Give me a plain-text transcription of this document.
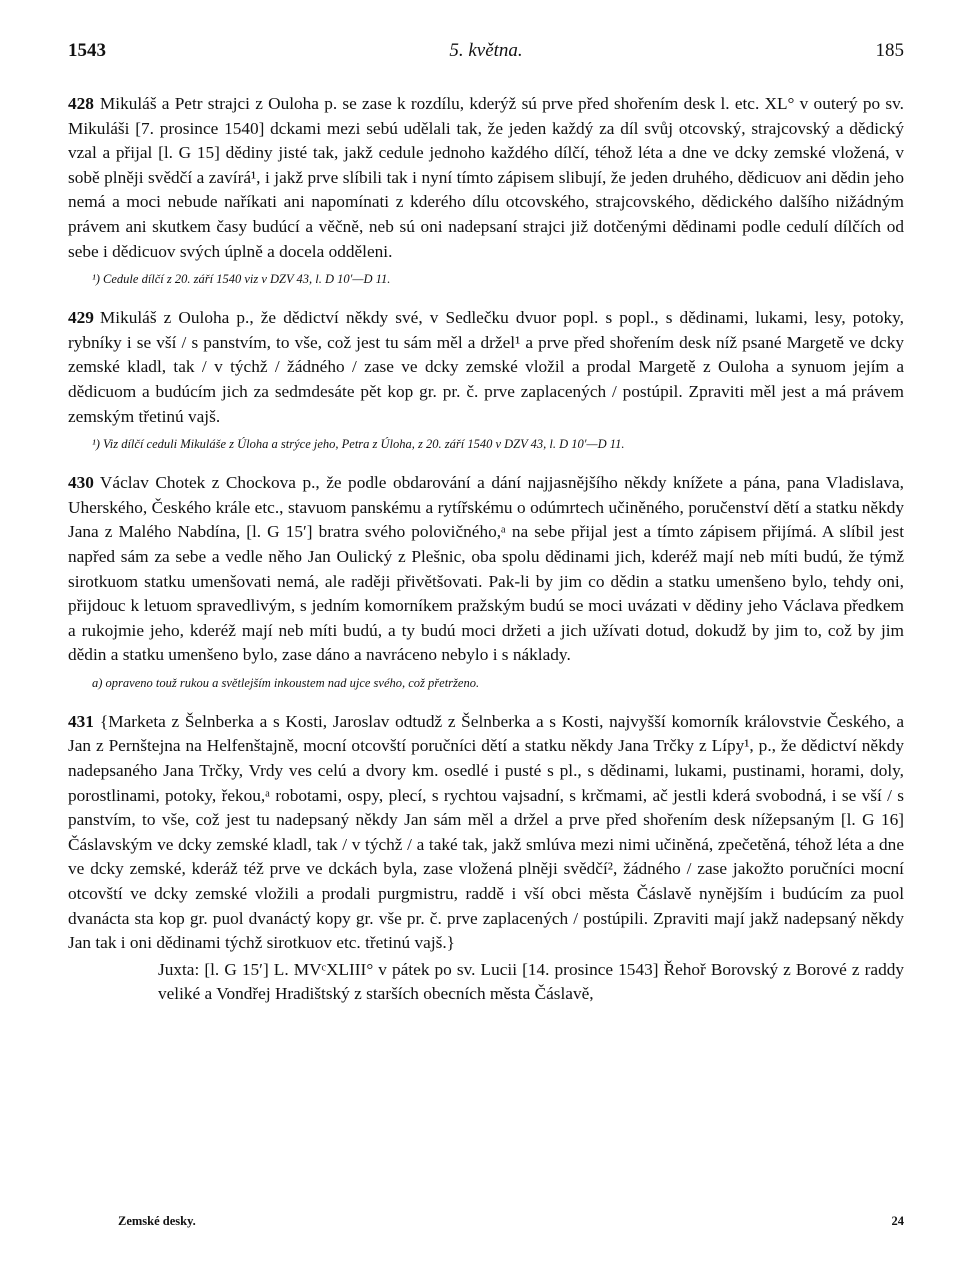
1543	5. května.	185

428 Mikuláš a Petr strajci z Ouloha p. se zase k rozdílu, kderýž sú prve před shořením desk l. etc. XL° v outerý po sv. Mikuláši [7. prosince 1540] dckami mezi sebú udělali tak, že jeden každý za díl svůj otcovský, strajcovský a dědický vzal a přijal [l. G 15] dědiny jisté tak, jakž cedule jednoho každého dílčí, téhož léta a dne ve dcky zemské vložená, v sobě plněji svědčí a zavírá¹, i jakž prve slíbili tak i nyní tímto zápisem slibují, že jeden druhého, dědicuov ani dědin jeho nemá a moci nebude naříkati ani napomínati z kderého dílu otcovského, strajcovského, dědického dalšího nižádným právem ani skutkem časy budúcí a věčně, neb sú oni nadepsaní strajci již dotčenými dědinami podle cedulí dílčích od sebe i dědicuov svých úplně a docela odděleni.

¹) Cedule dílčí z 20. září 1540 viz v DZV 43, l. D 10′—D 11.

429 Mikuláš z Ouloha p., že dědictví někdy své, v Sedlečku dvuor popl. s popl., s dědinami, lukami, lesy, potoky, rybníky i se vší / s panstvím, to vše, což jest tu sám měl a držel¹ a prve před shořením desk níž psané Margetě ve dcky zemské kladl, tak / v týchž / žádného / zase ve dcky zemské vložil a prodal Margetě z Ouloha a synuom jejím a dědicuom a budúcím jich za sedmdesáte pět kop gr. pr. č. prve zaplacených / postúpil. Zpraviti měl jest a má právem zemským třetinú vajš.

¹) Viz dílčí ceduli Mikuláše z Úloha a strýce jeho, Petra z Úloha, z 20. září 1540 v DZV 43, l. D 10′—D 11.

430 Václav Chotek z Chockova p., že podle obdarování a dání najjasnějšího někdy knížete a pána, pana Vladislava, Uherského, Českého krále etc., stavuom panskému a rytířskému o odúmrtech učiněného, poručenství dětí a statku někdy Jana z Malého Nabdína, [l. G 15′] bratra svého polovičného,ᵃ na sebe přijal jest a tímto zápisem přijímá. A slíbil jest napřed sám za sebe a vedle něho Jan Oulický z Plešnic, oba spolu dědinami jich, kderéž mají neb míti budú, že týmž sirotkuom statku umenšovati nemá, ale raději přivětšovati. Pak-li by jim co dědin a statku umenšeno bylo, tehdy oni, přijdouc k letuom spravedlivým, s jedním komorníkem pražským budú se moci uvázati v dědiny jeho Václava předkem a rukojmie jeho, kderéž mají neb míti budú, a ty budú moci držeti a jich užívati dotud, dokudž by jim to, což by jim dědin a statku umenšeno bylo, zase dáno a navráceno nebylo i s náklady.

a) opraveno touž rukou a světlejším inkoustem nad ujce svého, což přetrženo.

431 {Marketa z Šelnberka a s Kosti, Jaroslav odtudž z Šelnberka a s Kosti, najvyšší komorník královstvie Českého, a Jan z Pernštejna na Helfenštajně, mocní otcovští poručníci dětí a statku někdy Jana Trčky z Lípy¹, p., že dědictví někdy nadepsaného Jana Trčky, Vrdy ves celú a dvory km. osedlé i pusté s pl., s dědinami, lukami, pustinami, horami, doly, porostlinami, potoky, řekou,ᵃ robotami, ospy, plecí, s rychtou vajsadní, s krčmami, ač jestli kderá svobodná, i se vší / s panstvím, to vše, což jest tu nadepsaný někdy Jan sám měl a držel a prve před shořením desk nížepsaným [l. G 16] Čáslavským ve dcky zemské kladl, tak / v týchž / a také tak, jakž smlúva mezi nimi učiněná, zpečetěná, téhož léta a dne ve dcky zemské, kderáž též prve ve dckách byla, zase vložená plněji svědčí², žádného / zase jakožto poručníci mocní otcovští ve dcky zemské vložili a prodali purgmistru, raddě i vší obci města Čáslavě nynějším i budúcím za puol dvanácta sta kop gr. puol dvanáctý kopy gr. vše pr. č. prve zaplacených / postúpili. Zpraviti mají jakž nadepsaný někdy Jan tak i oni dědinami týchž sirotkuov etc. třetinú vajš.}

Juxta: [l. G 15′] L. MVᶜXLIII° v pátek po sv. Lucii [14. prosince 1543] Řehoř Borovský z Borové z raddy veliké a Vondřej Hradištský z starších obecních města Čáslavě,
Zemské desky.	24
